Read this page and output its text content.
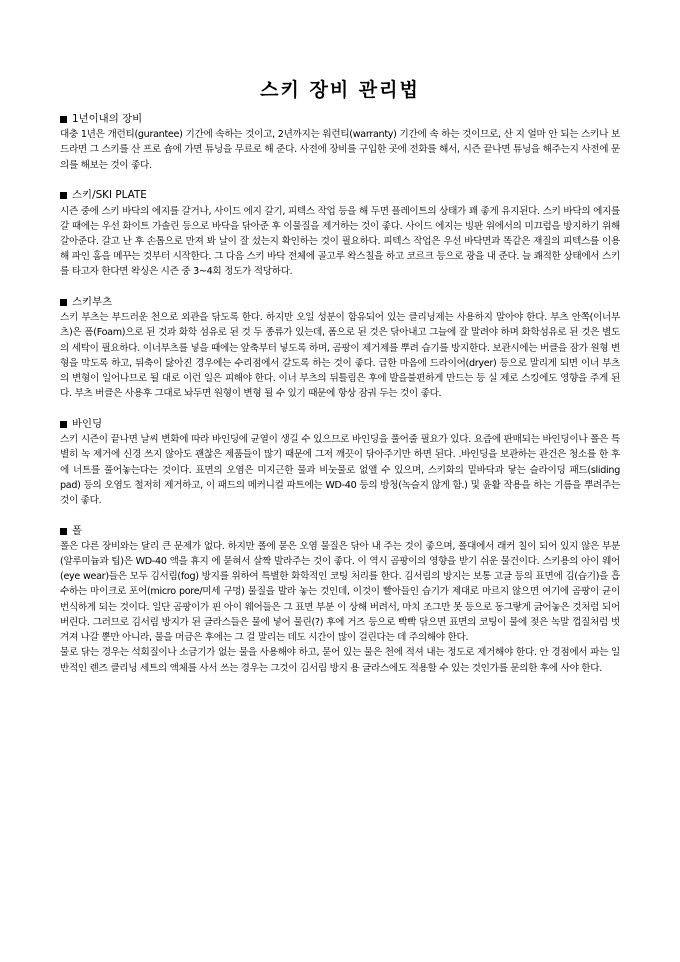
스키 장비 관리법

1년이내의 장비

대충 1년은 개런티(gurantee) 기간에 속하는 것이고, 2년까지는 워런티(warranty) 기간에 속 하는 것이므로, 산 지 얼마 안 되는 스키나 보드라면 그 스키를 산 프로 숍에 가면 튜닝을 무료로 해 준다. 사전에 장비를 구입한 곳에 전화를 해서, 시즌 끝나면 튜닝을 해주는지 사전에 문의를 해보는 것이 좋다.

스키/SKI PLATE

시즌 중에 스키 바닥의 에지를 갈거나, 사이드 에지 갈기, 피텍스 작업 등을 해 두면 플레이트의 상태가 꽤 좋게 유지된다. 스키 바닥의 에지를 갈 때에는 우선 화이트 가솔린 등으로 바닥을 닦아준 후 이물질을 제거하는 것이 좋다. 사이드 에지는 빙판 위에서의 미끄럼을 방지하기 위해 갈아준다. 갈고 난 후 손톱으로 만져 봐 날이 잘 섰는지 확인하는 것이 필요하다. 피텍스 작업은 우선 바닥면과 똑같은 재질의 피텍스를 이용해 파인 홈을 메꾸는 것부터 시작한다. 그 다음 스키 바닥 전체에 골고루 왁스칠을 하고 코르크 등으로 광을 내 준다. 늘 쾌적한 상태에서 스키를 타고자 한다면 왁싱은 시즌 중 3~4회 정도가 적당하다.

스키부츠

스키 부츠는 부드러운 천으로 외관을 닦도록 한다. 하지만 오일 성분이 함유되어 있는 클리닝제는 사용하지 말아야 한다. 부츠 안쪽(이너부츠)은 폼(Foam)으로 된 것과 화학 섬유로 된 것 두 종류가 있는데, 폼으로 된 것은 닦아내고 그늘에 잘 말려야 하며 화학섬유로 된 것은 별도의 세탁이 필요하다. 이너부츠를 넣을 때에는 앞축부터 넣도록 하며, 곰팡이 제거제를 뿌려 습기를 방지한다. 보관시에는 버클을 잠가 원형 변형을 막도록 하고, 뒤축이 닳아진 경우에는 수리점에서 갈도록 하는 것이 좋다. 급한 마음에 드라이어(dryer) 등으로 말리게 되면 이너 부츠의 변형이 일어나므로 될 대로 이런 일은 피해야 한다. 이너 부츠의 뒤틀림은 후에 발을불편하게 만드는 등 실 제로 스킹에도 영향을 주게 된다. 부츠 버클은 사용후 그대로 놔두면 원형이 변형 될 수 있기 때문에 항상 잠궈 두는 것이 좋다.

바인딩

스키 시즌이 끝나면 날씨 변화에 따라 바인딩에 균열이 생길 수 있으므로 바인딩을 풀어줄 필요가 있다. 요즘에 판매되는 바인딩이나 폴은 특별히 녹 제거에 신경 쓰지 않아도 괜찮은 제품들이 많기 때문에 그저 깨끗이 닦아주기만 하면 된다. .바인딩을 보관하는 관건은 청소를 한 후에 너트를 풀어놓는다는 것이다. 표면의 오염은 미지근한 물과 비눗물로 없앨 수 있으며, 스키화의 밑바닥과 닿는 슬라이딩 패드(sliding pad) 등의 오염도 철저히 제거하고, 이 패드의 메커니컬 파트에는 WD-40 등의 방청(녹슬지 않게 함.) 및 윤활 작용을 하는 기름을 뿌려주는 것이 좋다.

폴

폴은 다른 장비와는 달리 큰 문제가 없다. 하지만 폴에 묻은 오염 물질은 닦아 내 주는 것이 좋으며, 폴대에서 래커 칠이 되어 있지 않은 부분(알루미늄과 팁)은 WD-40 액을 휴지 에 묻혀서 살짝 발라주는 것이 좋다. 이 역시 곰팡이의 영향을 받기 쉬운 물건이다. 스키용의 아이 웨어(eye wear)들은 모두 김서림(fog) 방지를 위하여 특별한 화학적인 코팅 처리를 한다. 김서림의 방지는 보통 고글 등의 표면에 김(습기)을 흡수하는 마이크로 포어(micro pore/미세 구멍) 물질을 발라 놓는 것인데, 이것이 빨아들인 습기가 제대로 마르지 않으면 여기에 곰팡이 균이 번식하게 되는 것이다. 일단 곰팡이가 핀 아이 웨어들은 그 표면 부분 이 상해 버려서, 마치 조그만 못 등으로 동그랗게 긁어놓은 것처럼 되어 버린다. 그러므로 김서림 방지가 된 글라스들은 물에 넣어 물린(?) 후에 거즈 등으로 빡빡 닦으면 표면의 코팅이 물에 젖은 녹말 껍질처럼 벗겨져 나갈 뿐만 아니라, 물을 머금은 후에는 그 걸 말리는 데도 시간이 많이 걸린다는 데 주의해야 한다.

물로 닦는 경우는 석회질이나 소금기가 없는 물을 사용해야 하고, 묻어 있는 물은 천에 적셔 내는 정도로 제거해야 한다. 안 경점에서 파는 일반적인 렌즈 클리닝 세트의 액체를 사서 쓰는 경우는 그것이 김서림 방지 용 글라스에도 적용할 수 있는 것인가를 문의한 후에 사야 한다.
